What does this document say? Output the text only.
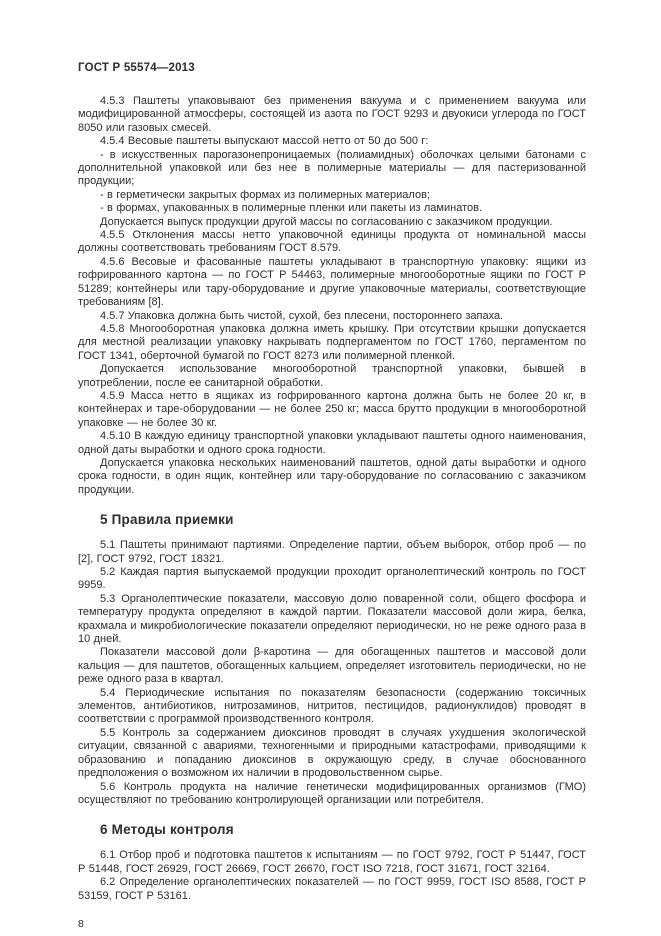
ГОСТ Р 55574—2013

4.5.3 Паштеты упаковывают без применения вакуума и с применением вакуума или модифицированной атмосферы, состоящей из азота по ГОСТ 9293 и двуокиси углерода по ГОСТ 8050 или газовых смесей.

4.5.4 Весовые паштеты выпускают массой нетто от 50 до 500 г:

- в искусственных парогазонепроницаемых (полиамидных) оболочках целыми батонами с дополнительной упаковкой или без нее в полимерные материалы — для пастеризованной продукции;

- в герметически закрытых формах из полимерных материалов;

- в формах, упакованных в полимерные пленки или пакеты из ламинатов.

Допускается выпуск продукции другой массы по согласованию с заказчиком продукции.

4.5.5 Отклонения массы нетто упаковочной единицы продукта от номинальной массы должны соответствовать требованиям ГОСТ 8.579.

4.5.6 Весовые и фасованные паштеты укладывают в транспортную упаковку: ящики из гофрированного картона — по ГОСТ Р 54463, полимерные многооборотные ящики по ГОСТ Р 51289; контейнеры или тару-оборудование и другие упаковочные материалы, соответствующие требованиям [8].

4.5.7 Упаковка должна быть чистой, сухой, без плесени, постороннего запаха.

4.5.8 Многооборотная упаковка должна иметь крышку. При отсутствии крышки допускается для местной реализации упаковку накрывать подпергаментом по ГОСТ 1760, пергаментом по ГОСТ 1341, оберточной бумагой по ГОСТ 8273 или полимерной пленкой.

Допускается использование многооборотной транспортной упаковки, бывшей в употреблении, после ее санитарной обработки.

4.5.9 Масса нетто в ящиках из гофрированного картона должна быть не более 20 кг, в контейнерах и таре-оборудовании — не более 250 кг; масса брутто продукции в многооборотной упаковке — не более 30 кг.

4.5.10 В каждую единицу транспортной упаковки укладывают паштеты одного наименования, одной даты выработки и одного срока годности.

Допускается упаковка нескольких наименований паштетов, одной даты выработки и одного срока годности, в один ящик, контейнер или тару-оборудование по согласованию с заказчиком продукции.

5 Правила приемки

5.1 Паштеты принимают партиями. Определение партии, объем выборок, отбор проб — по [2], ГОСТ 9792, ГОСТ 18321.

5.2 Каждая партия выпускаемой продукции проходит органолептический контроль по ГОСТ 9959.

5.3 Органолептические показатели, массовую долю поваренной соли, общего фосфора и температуру продукта определяют в каждой партии. Показатели массовой доли жира, белка, крахмала и микробиологические показатели определяют периодически, но не реже одного раза в 10 дней.

Показатели массовой доли β-каротина — для обогащенных паштетов и массовой доли кальция — для паштетов, обогащенных кальцием, определяет изготовитель периодически, но не реже одного раза в квартал.

5.4 Периодические испытания по показателям безопасности (содержанию токсичных элементов, антибиотиков, нитрозаминов, нитритов, пестицидов, радионуклидов) проводят в соответствии с программой производственного контроля.

5.5 Контроль за содержанием диоксинов проводят в случаях ухудшения экологической ситуации, связанной с авариями, техногенными и природными катастрофами, приводящими к образованию и попаданию диоксинов в окружающую среду, в случае обоснованного предположения о возможном их наличии в продовольственном сырье.

5.6 Контроль продукта на наличие генетически модифицированных организмов (ГМО) осуществляют по требованию контролирующей организации или потребителя.

6 Методы контроля

6.1 Отбор проб и подготовка паштетов к испытаниям — по ГОСТ 9792, ГОСТ Р 51447, ГОСТ Р 51448, ГОСТ 26929, ГОСТ 26669, ГОСТ 26670, ГОСТ ISO 7218, ГОСТ 31671, ГОСТ 32164.

6.2 Определение органолептических показателей — по ГОСТ 9959, ГОСТ ISO 8588, ГОСТ Р 53159, ГОСТ Р 53161.

8
